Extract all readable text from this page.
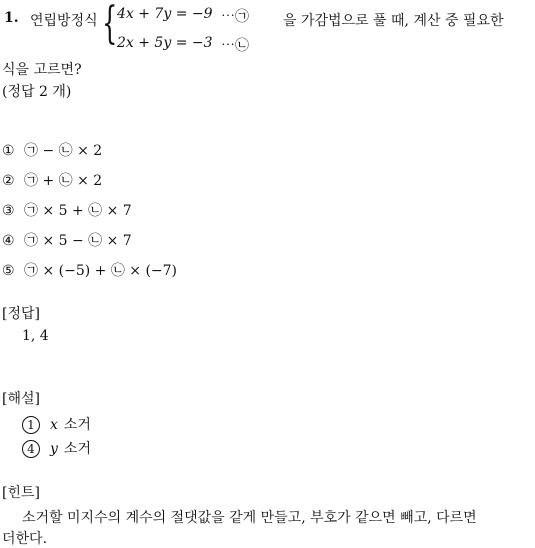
1. 연립방정식 { 4x + 7y = −9 ⋯㉠
2x + 5y = −3 ⋯㉡
을 가감법으로 풀 때, 계산 중 필요한
식을 고르면?
(정답 2 개)
① ㉠ − ㉡ × 2
② ㉠ + ㉡ × 2
③ ㉠ × 5 + ㉡ × 7
④ ㉠ × 5 − ㉡ × 7
⑤ ㉠ × (−5) + ㉡ × (−7)
[정답]
1, 4
[해설]
1 x 소거
4 y 소거
[힌트]
소거할 미지수의 계수의 절댓값을 같게 만들고, 부호가 같으면 빼고, 다르면
더한다.
